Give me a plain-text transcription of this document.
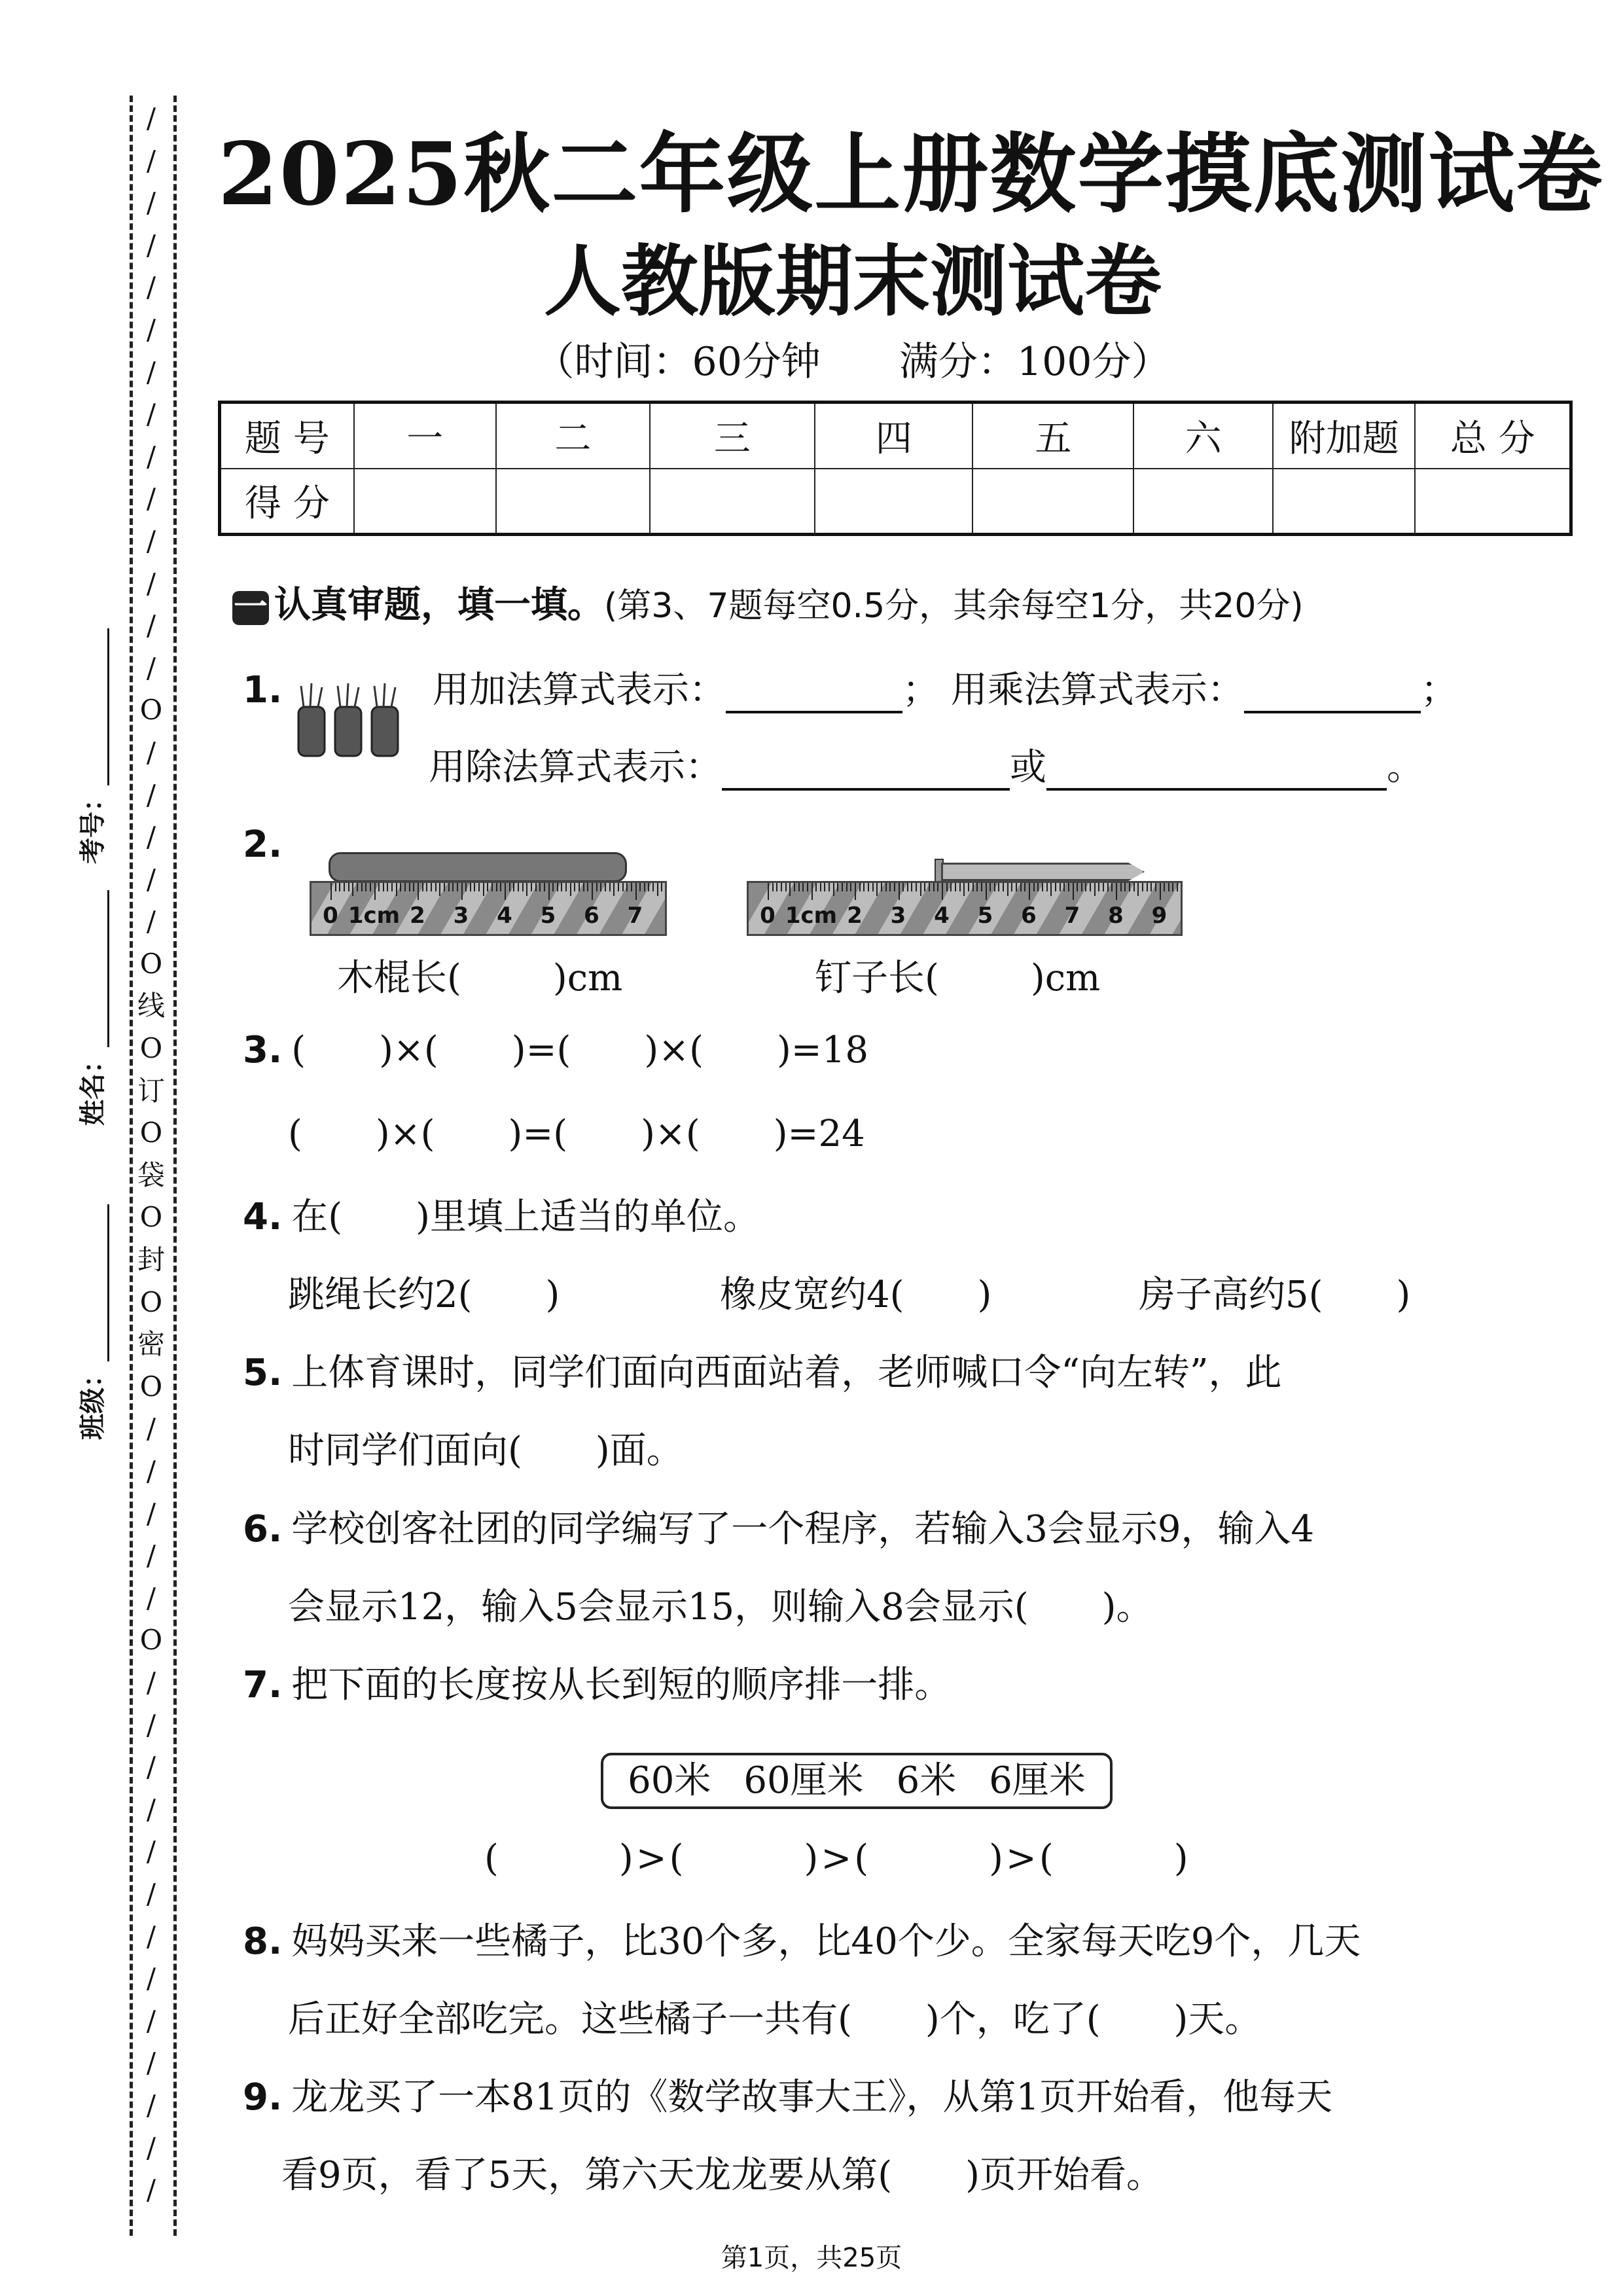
/
/
/
/
/
/
/
/
/
/
/
/
/
/
O
/
/
/
/
/
O
线
O
订
O
袋
O
封
O
密
O
/
/
/
/
/
O
/
/
/
/
/
/
/
/
/
/
/
/
/
考号：
姓名：
班级：
2025秋二年级上册数学摸底测试卷
人教版期末测试卷
（时间：60分钟 满分：100分）
题 号	一	二	三	四	五	六	附加题	总 分
得 分								
一 认真审题，填一填。(第3、7题每空0.5分，其余每空1分，共20分)
1.	用加法算式表示：	； 用乘法算式表示：	；
用除法算式表示：	或	。
2.
0 1cm 2 3 4 5 6 7	0 1cm 2 3 4 5 6 7 8 9
木棍长(	)cm	钉子长(	)cm
3. (　　)×(　　)=(　　)×(　　)=18
(　　)×(　　)=(　　)×(　　)=24
4. 在(　　)里填上适当的单位。
跳绳长约2(　　)	橡皮宽约4(　　)	房子高约5(　　)
5. 上体育课时，同学们面向西面站着，老师喊口令“向左转”，此
时同学们面向(　　)面。
6. 学校创客社团的同学编写了一个程序，若输入3会显示9，输入4
会显示12，输入5会显示15，则输入8会显示(　　)。
7. 把下面的长度按从长到短的顺序排一排。
60米 60厘米 6米 6厘米
(　　　)>(　　　)>(　　　)>(　　　)
8. 妈妈买来一些橘子，比30个多，比40个少。全家每天吃9个，几天
后正好全部吃完。这些橘子一共有(　　)个，吃了(　　)天。
9. 龙龙买了一本81页的《数学故事大王》，从第1页开始看，他每天
看9页，看了5天，第六天龙龙要从第(　　)页开始看。
第1页，共25页
